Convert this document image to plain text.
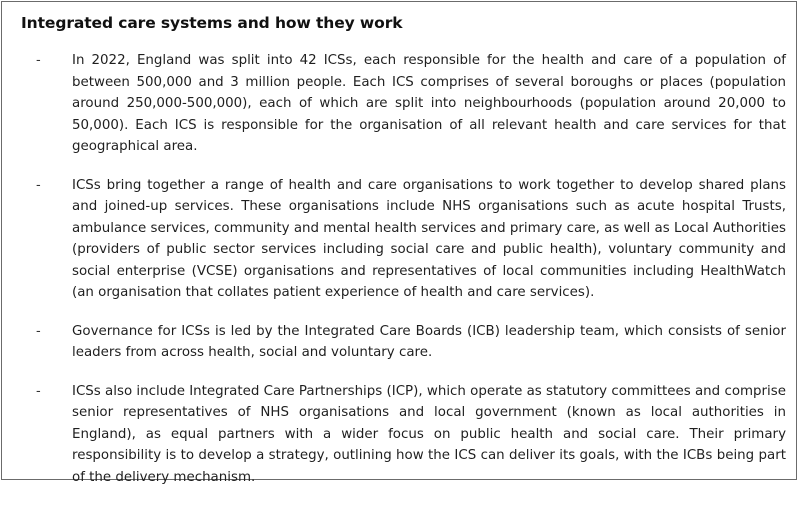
Integrated care systems and how they work
- In 2022, England was split into 42 ICSs, each responsible for the health and care of a population of between 500,000 and 3 million people. Each ICS comprises of several boroughs or places (population around 250,000-500,000), each of which are split into neighbourhoods (population around 20,000 to 50,000). Each ICS is responsible for the organisation of all relevant health and care services for that geographical area.
- ICSs bring together a range of health and care organisations to work together to develop shared plans and joined-up services. These organisations include NHS organisations such as acute hospital Trusts, ambulance services, community and mental health services and primary care, as well as Local Authorities (providers of public sector services including social care and public health), voluntary community and social enterprise (VCSE) organisations and representatives of local communities including HealthWatch (an organisation that collates patient experience of health and care services).
- Governance for ICSs is led by the Integrated Care Boards (ICB) leadership team, which consists of senior leaders from across health, social and voluntary care.
- ICSs also include Integrated Care Partnerships (ICP), which operate as statutory committees and comprise senior representatives of NHS organisations and local government (known as local authorities in England), as equal partners with a wider focus on public health and social care. Their primary responsibility is to develop a strategy, outlining how the ICS can deliver its goals, with the ICBs being part of the delivery mechanism.
